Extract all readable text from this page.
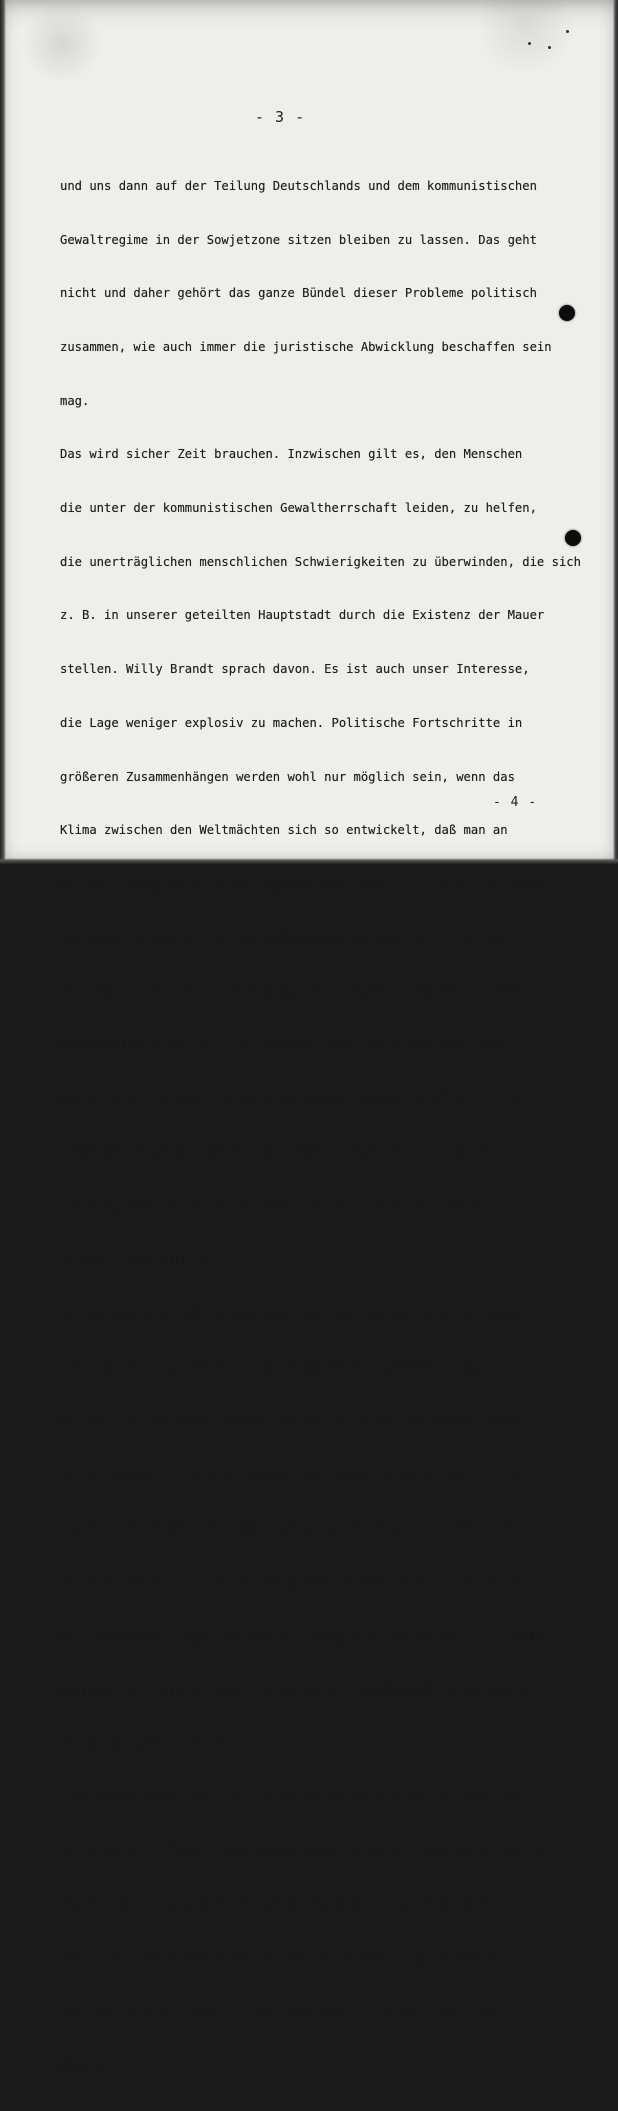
- 3 -

und uns dann auf der Teilung Deutschlands und dem kommunistischen

Gewaltregime in der Sowjetzone sitzen bleiben zu lassen. Das geht

nicht und daher gehört das ganze Bündel dieser Probleme politisch

zusammen, wie auch immer die juristische Abwicklung beschaffen sein

mag.

Das wird sicher Zeit brauchen. Inzwischen gilt es, den Menschen

die unter der kommunistischen Gewaltherrschaft leiden, zu helfen,

die unerträglichen menschlichen Schwierigkeiten zu überwinden, die sich

z. B. in unserer geteilten Hauptstadt durch die Existenz der Mauer

stellen. Willy Brandt sprach davon. Es ist auch unser Interesse,

die Lage weniger explosiv zu machen. Politische Fortschritte in

größeren Zusammenhängen werden wohl nur möglich sein, wenn das

Klima zwischen den Weltmächten sich so entwickelt, daß man an

weitere Lösungsversuche herangehen kann. Deshalb sind wir Deutsche,

um einmal dieses all zu oft mißverstandene Wort zu gebrauchen,

für eine Politik der Entspannung. Das bedeutet, daß wir den Welt-

mächten helfen wollen zueinanderzufinden, wenn  wir die Gewähr

haben, daß in diesen Prozeß auch unsere Sorgen und Nöte und Pro-

bleme mit eingebaut werden, und daß Erfolge der Politik der Ent-

spannung sichtbar werden in der Lage des deutschen Volkes und

seiner Hauptstadt Berlin.

Es ist denkbar, daß Fortschritte auf dem Gebiete  der Begrenzung

und Kontolle der Rüstungen in einem weitaus größeren Rahmen als

nur auf dem deutschen Gebiete allein das Klima verbessern können.

Es ist denkbar, daß eine besser als bisher im Westen koordinierte

Handelspolitik mit der Sowjetunion und den von ihr beherrschten

Völkern als Mittel der Politik genutzt werden kann. Auch andere

weltpolitische Fragen stehen im Hintergrunde und müssen im Zusammen-

hang mit den Möglichkeiten eines neuen Gespräches über Deutschland

im ganzen gesehen werden.

Aber eines wissen wir, wir Deutsche können unsere Probleme nicht

im Alleingang lösen. Aussichtsreich wird nur dann verhandelt werden

können, wenn der großen Weltmacht Sowjetunion auf der anderen

Seite die geschlossene Solidarität des Westens gegenübersteht,

eine Solidarität, die auch wir Deutsche zu tragen bereit sein

müssen.

- 4 -
